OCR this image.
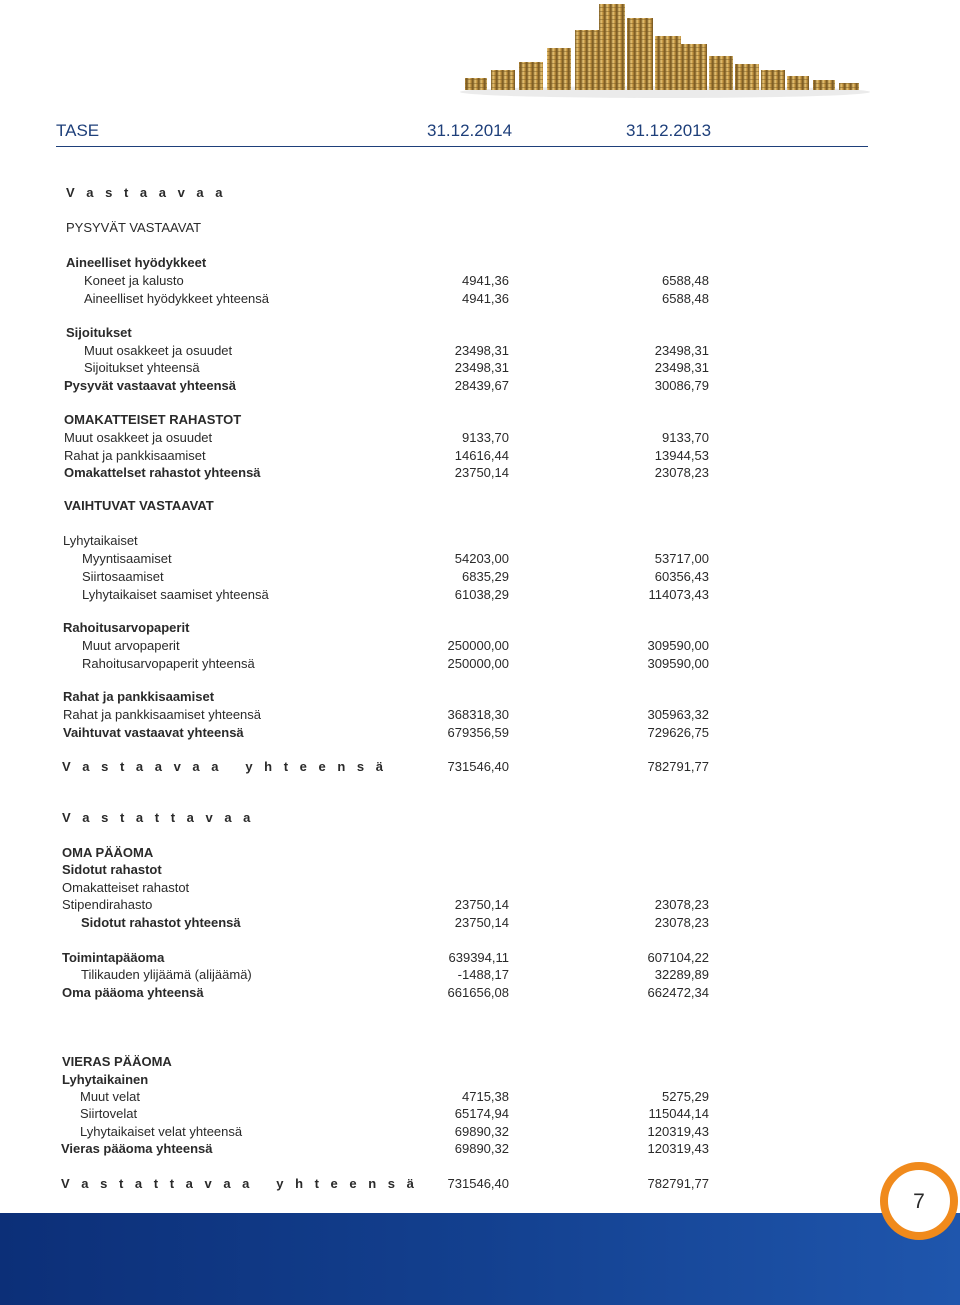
TASE	31.12.2014	31.12.2013
V a s t a a v a a
PYSYVÄT VASTAAVAT
Aineelliset hyödykkeet
Koneet ja kalusto	4941,36	6588,48
Aineelliset hyödykkeet yhteensä	4941,36	6588,48
Sijoitukset
Muut osakkeet ja osuudet	23498,31	23498,31
Sijoitukset yhteensä	23498,31	23498,31
Pysyvät vastaavat yhteensä	28439,67	30086,79
OMAKATTEISET RAHASTOT
Muut osakkeet ja osuudet	9133,70	9133,70
Rahat ja pankkisaamiset	14616,44	13944,53
Omakattelset rahastot yhteensä	23750,14	23078,23
VAIHTUVAT VASTAAVAT
Lyhytaikaiset
Myyntisaamiset	54203,00	53717,00
Siirtosaamiset	6835,29	60356,43
Lyhytaikaiset saamiset yhteensä	61038,29	114073,43
Rahoitusarvopaperit
Muut arvopaperit	250000,00	309590,00
Rahoitusarvopaperit yhteensä	250000,00	309590,00
Rahat ja pankkisaamiset
Rahat ja pankkisaamiset yhteensä	368318,30	305963,32
Vaihtuvat vastaavat yhteensä	679356,59	729626,75
V a s t a a v a a   y h t e e n s ä	731546,40	782791,77
V a s t a t t a v a a
OMA PÄÄOMA
Sidotut rahastot
Omakatteiset rahastot
Stipendirahasto	23750,14	23078,23
Sidotut rahastot yhteensä	23750,14	23078,23
Toimintapääoma	639394,11	607104,22
Tilikauden ylijäämä (alijäämä)	-1488,17	32289,89
Oma pääoma yhteensä	661656,08	662472,34
VIERAS PÄÄOMA
Lyhytaikainen
Muut velat	4715,38	5275,29
Siirtovelat	65174,94	115044,14
Lyhytaikaiset velat yhteensä	69890,32	120319,43
Vieras pääoma yhteensä	69890,32	120319,43
V a s t a t t a v a a   y h t e e n s ä	731546,40	782791,77
7
